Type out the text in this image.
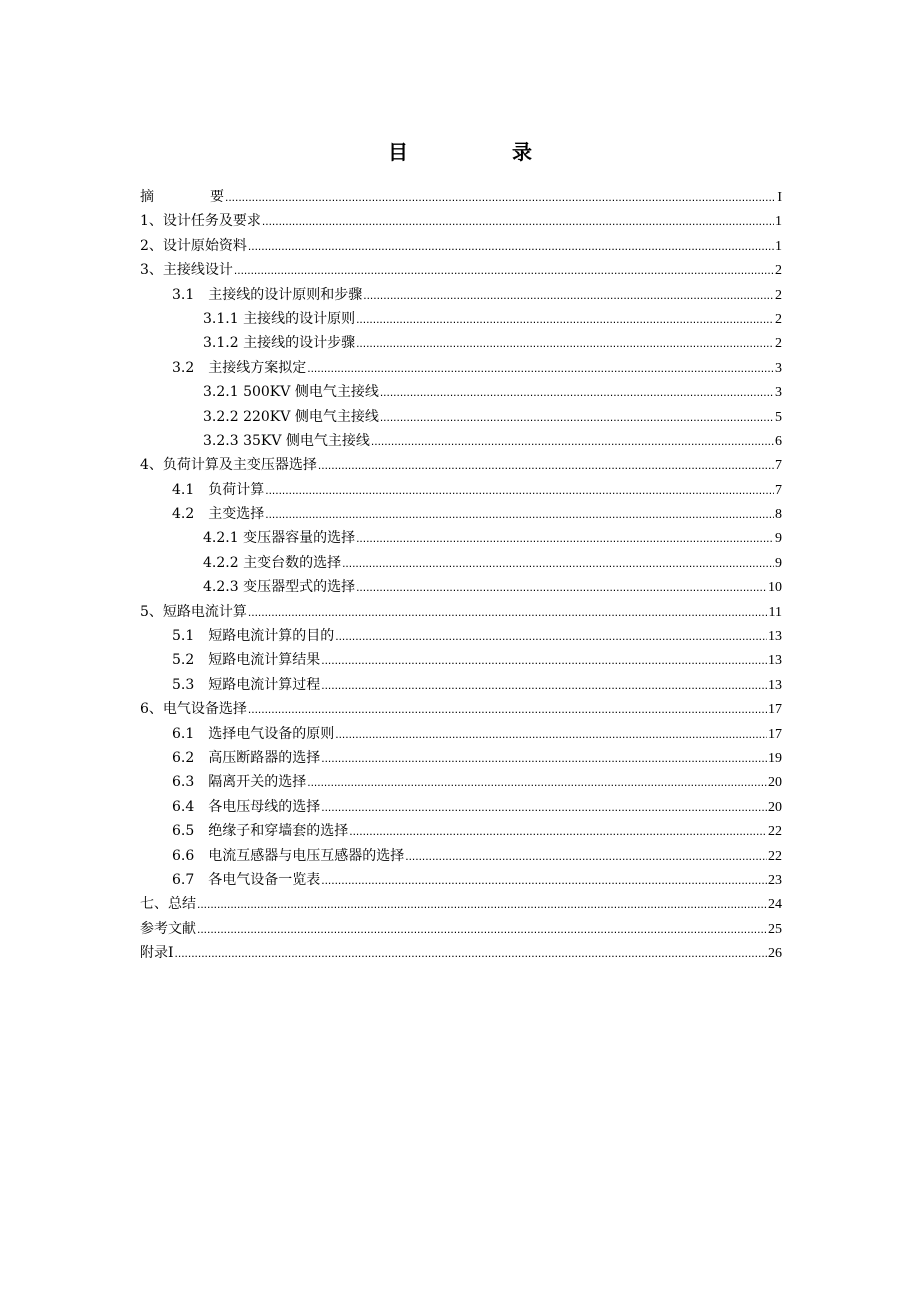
目　录
摘　　　　要 .....	I
1、设计任务及要求 .....	1
2、设计原始资料 .....	1
3、主接线设计 .....	2
3.1　主接线的设计原则和步骤 .....	2
3.1.1 主接线的设计原则 .....	2
3.1.2 主接线的设计步骤 .....	2
3.2　主接线方案拟定 .....	3
3.2.1 500KV 侧电气主接线 .....	3
3.2.2 220KV 侧电气主接线 .....	5
3.2.3 35KV 侧电气主接线 .....	6
4、负荷计算及主变压器选择 .....	7
4.1　负荷计算 .....	7
4.2　主变选择 .....	8
4.2.1 变压器容量的选择 .....	9
4.2.2 主变台数的选择 .....	9
4.2.3 变压器型式的选择 .....	10
5、短路电流计算 .....	11
5.1　短路电流计算的目的 .....	13
5.2　短路电流计算结果 .....	13
5.3　短路电流计算过程 .....	13
6、电气设备选择 .....	17
6.1　选择电气设备的原则 .....	17
6.2　高压断路器的选择 .....	19
6.3　隔离开关的选择 .....	20
6.4　各电压母线的选择 .....	20
6.5　绝缘子和穿墙套的选择 .....	22
6.6　电流互感器与电压互感器的选择 .....	22
6.7　各电气设备一览表 .....	23
七、总结 .....	24
参考文献 .....	25
附录Ⅰ .....	26
